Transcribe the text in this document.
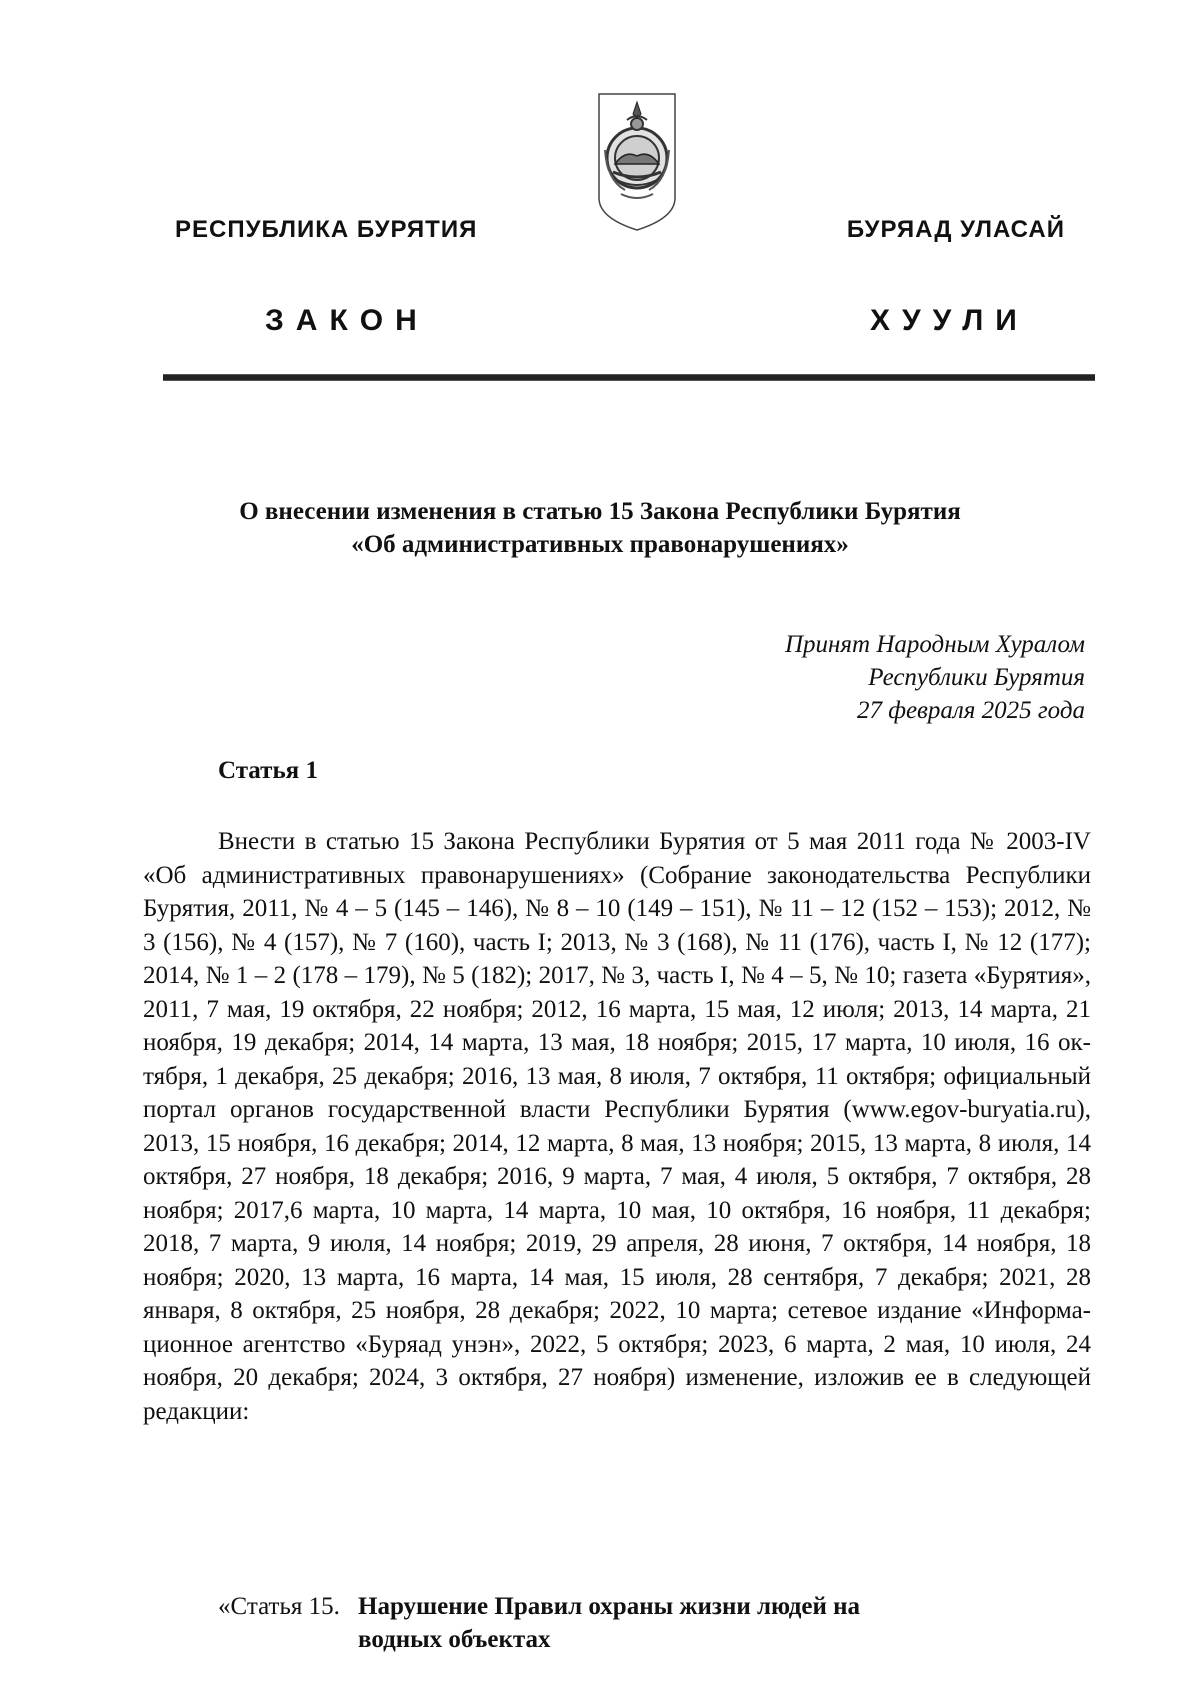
РЕСПУБЛИКА БУРЯТИЯ	БУРЯАД УЛАСАЙ
ЗАКОН	ХУУЛИ
О внесении изменения в статью 15 Закона Республики Бурятия
«Об административных правонарушениях»
Принят Народным Хуралом
Республики Бурятия
27 февраля 2025 года
Статья 1
Внести в статью 15 Закона Республики Бурятия от 5 мая 2011 года № 2003-IV «Об административных правонарушениях» (Собрание законодательства Республики Бурятия, 2011, № 4 – 5 (145 – 146), № 8 – 10 (149 – 151), № 11 – 12 (152 – 153); 2012, № 3 (156), № 4 (157), № 7 (160), часть I; 2013, № 3 (168), № 11 (176), часть I, № 12 (177); 2014, № 1 – 2 (178 – 179), № 5 (182); 2017, № 3, часть I, № 4 – 5, № 10; газета «Бурятия», 2011, 7 мая, 19 октября, 22 ноября; 2012, 16 марта, 15 мая, 12 июля; 2013, 14 марта, 21 ноября, 19 декабря; 2014, 14 марта, 13 мая, 18 ноября; 2015, 17 марта, 10 июля, 16 октября, 1 декабря, 25 декабря; 2016, 13 мая, 8 июля, 7 октября, 11 октября; официальный портал органов государственной власти Республики Бурятия (www.egov-buryatia.ru), 2013, 15 ноября, 16 декабря; 2014, 12 марта, 8 мая, 13 ноября; 2015, 13 марта, 8 июля, 14 октября, 27 ноября, 18 декабря; 2016, 9 марта, 7 мая, 4 июля, 5 октября, 7 октября, 28 ноября; 2017,6 марта, 10 марта, 14 марта, 10 мая, 10 октября, 16 ноября, 11 декабря; 2018, 7 марта, 9 июля, 14 ноября; 2019, 29 апреля, 28 июня, 7 октября, 14 ноября, 18 ноября; 2020, 13 марта, 16 марта, 14 мая, 15 июля, 28 сентября, 7 декабря; 2021, 28 января, 8 октября, 25 ноября, 28 декабря; 2022, 10 марта; сетевое издание «Информационное агентство «Буряад унэн», 2022, 5 октября; 2023, 6 марта, 2 мая, 10 июля, 24 ноября, 20 декабря; 2024, 3 октября, 27 ноября) изменение, изложив ее в следующей редакции:
«Статья 15. Нарушение Правил охраны жизни людей на водных объектах
